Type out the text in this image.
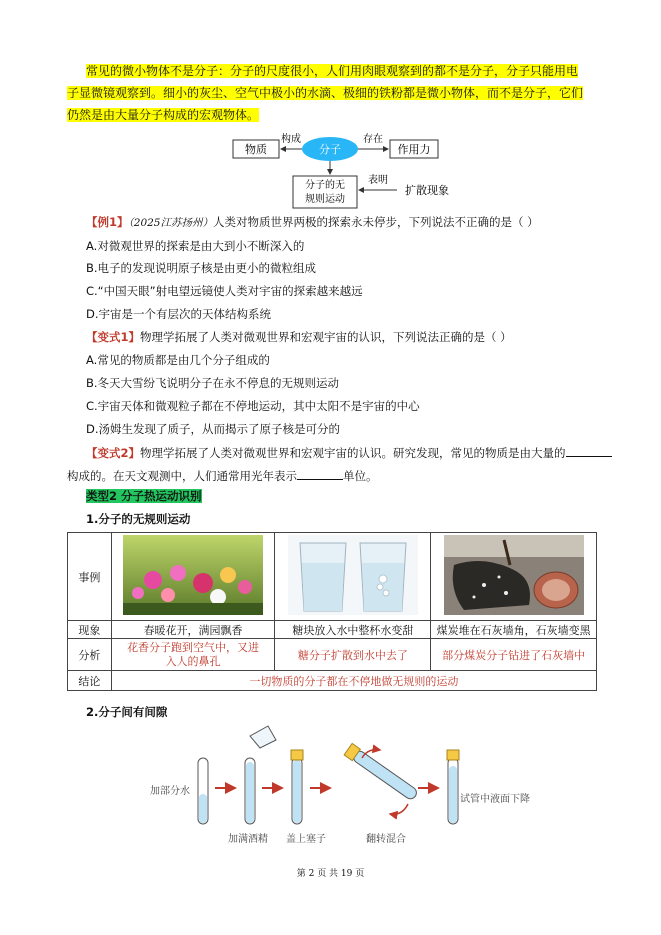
常见的微小物体不是分子：分子的尺度很小，人们用肉眼观察到的都不是分子，分子只能用电
子显微镜观察到。细小的灰尘、空气中极小的水滴、极细的铁粉都是微小物体，而不是分子，它们
仍然是由大量分子构成的宏观物体。
物质	分子
构成
作用力
存在
分子的无
规则运动
表明
扩散现象
【例1】（2025江苏扬州）人类对物质世界两极的探索永未停步，下列说法不正确的是（ ）
A.对微观世界的探索是由大到小不断深入的
B.电子的发现说明原子核是由更小的微粒组成
C.“中国天眼”射电望远镜使人类对宇宙的探索越来越远
D.宇宙是一个有层次的天体结构系统
【变式1】物理学拓展了人类对微观世界和宏观宇宙的认识，下列说法正确的是（ ）
A.常见的物质都是由几个分子组成的
B.冬天大雪纷飞说明分子在永不停息的无规则运动
C.宇宙天体和微观粒子都在不停地运动，其中太阳不是宇宙的中心
D.汤姆生发现了质子，从而揭示了原子核是可分的
【变式2】物理学拓展了人类对微观世界和宏观宇宙的认识。研究发现，常见的物质是由大量的
构成的。在天文观测中，人们通常用光年表示	单位。
类型2 分子热运动识别
1.分子的无规则运动
事例			
现象	春暖花开，满园飘香	糖块放入水中整杯水变甜	煤炭堆在石灰墙角，石灰墙变黑
分析	花香分子跑到空气中，又进入人的鼻孔	糖分子扩散到水中去了	部分煤炭分子钻进了石灰墙中
结论	一切物质的分子都在不停地做无规则的运动		
2.分子间有间隙
加部分水
加满酒精 盖上塞子	翻转混合
试管中液面下降
第 2 页 共 19 页
